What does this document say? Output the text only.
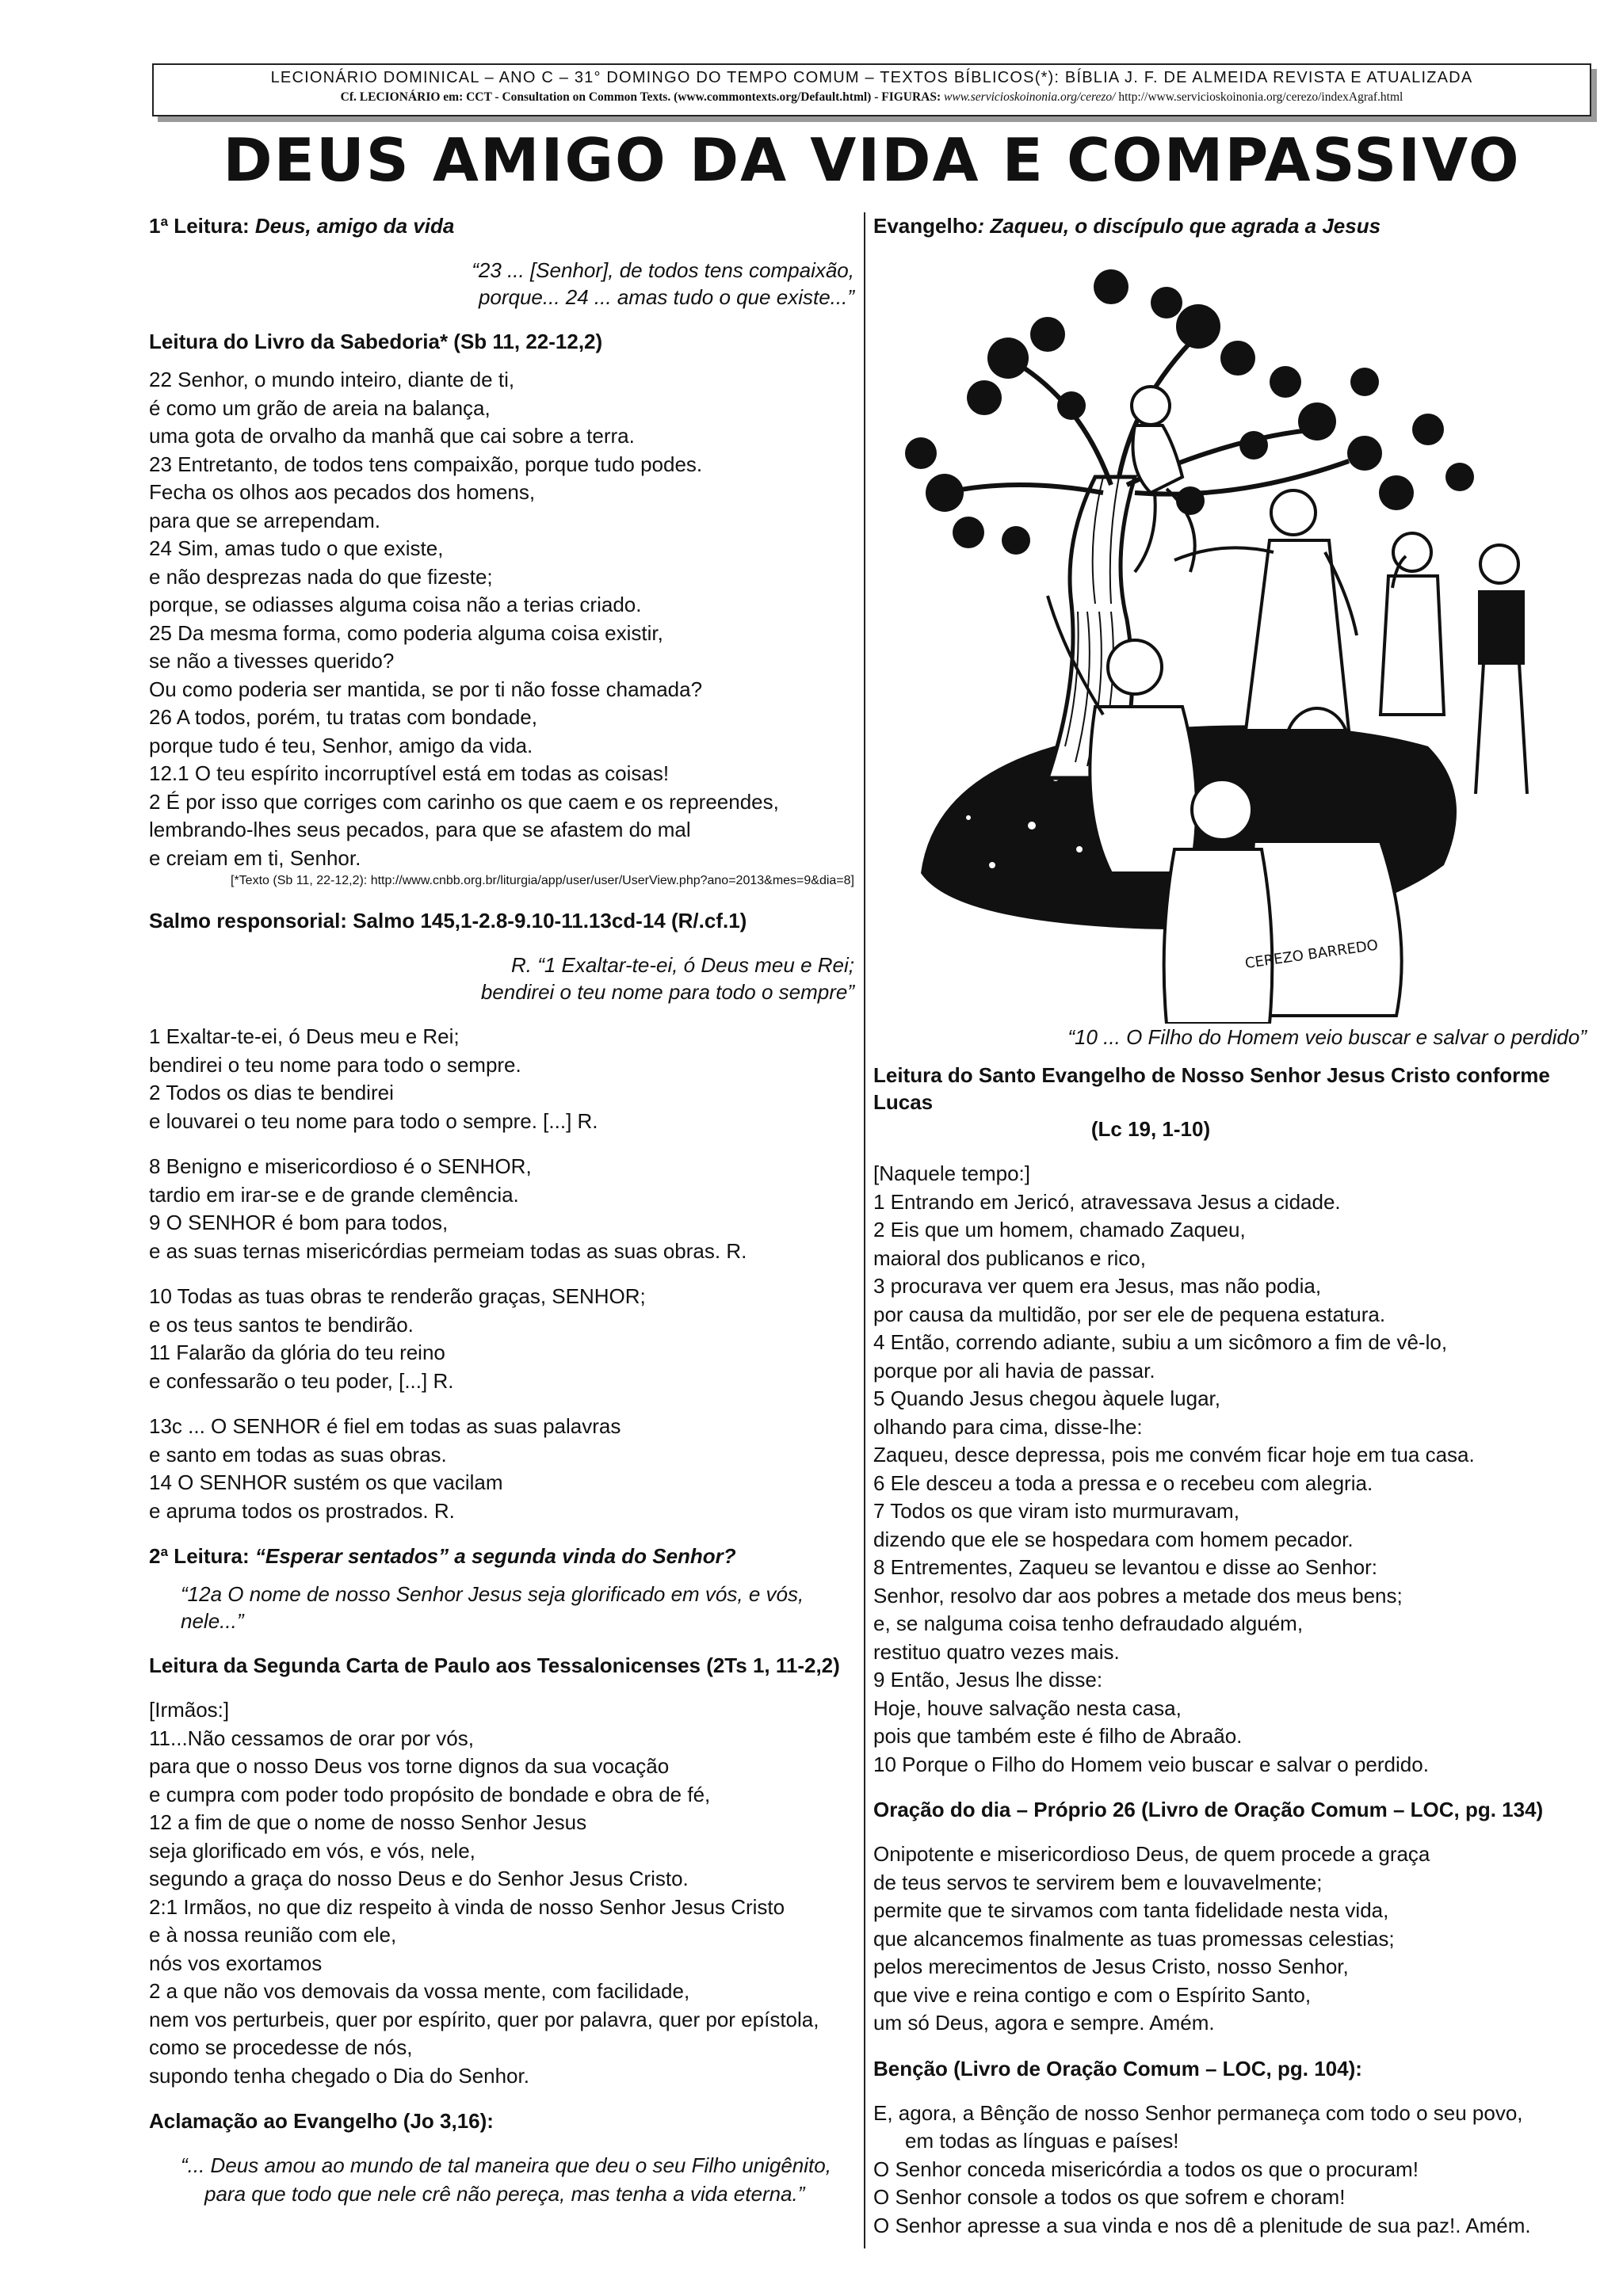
LECIONÁRIO DOMINICAL – ANO C – 31° DOMINGO DO TEMPO COMUM – TEXTOS BÍBLICOS(*): BÍBLIA J. F. DE ALMEIDA REVISTA E ATUALIZADA
Cf. LECIONÁRIO em: CCT - Consultation on Common Texts. (www.commontexts.org/Default.html) - FIGURAS: www.servicioskoinonia.org/cerezo/ http://www.servicioskoinonia.org/cerezo/indexAgraf.html
DEUS AMIGO DA VIDA E COMPASSIVO
1ª Leitura: Deus, amigo da vida
“23 ... [Senhor], de todos tens compaixão,
porque... 24 ... amas tudo o que existe...”
Leitura do Livro da Sabedoria* (Sb 11, 22-12,2)
22 Senhor, o mundo inteiro, diante de ti,
é como um grão de areia na balança,
uma gota de orvalho da manhã que cai sobre a terra.
23 Entretanto, de todos tens compaixão, porque tudo podes.
Fecha os olhos aos pecados dos homens,
para que se arrependam.
24 Sim, amas tudo o que existe,
e não desprezas nada do que fizeste;
porque, se odiasses alguma coisa não a terias criado.
25 Da mesma forma, como poderia alguma coisa existir,
se não a tivesses querido?
Ou como poderia ser mantida, se por ti não fosse chamada?
26 A todos, porém, tu tratas com bondade,
porque tudo é teu, Senhor, amigo da vida.
12.1 O teu espírito incorruptível está em todas as coisas!
2 É por isso que corriges com carinho os que caem e os repreendes,
lembrando-lhes seus pecados, para que se afastem do mal
e creiam em ti, Senhor.
[*Texto (Sb 11, 22-12,2): http://www.cnbb.org.br/liturgia/app/user/user/UserView.php?ano=2013&mes=9&dia=8]
Salmo responsorial: Salmo 145,1-2.8-9.10-11.13cd-14 (R/.cf.1)
R. “1 Exaltar-te-ei, ó Deus meu e Rei;
bendirei o teu nome para todo o sempre”
1 Exaltar-te-ei, ó Deus meu e Rei;
bendirei o teu nome para todo o sempre.
2 Todos os dias te bendirei
e louvarei o teu nome para todo o sempre. [...] R.
8 Benigno e misericordioso é o SENHOR,
tardio em irar-se e de grande clemência.
9 O SENHOR é bom para todos,
e as suas ternas misericórdias permeiam todas as suas obras. R.
10 Todas as tuas obras te renderão graças, SENHOR;
e os teus santos te bendirão.
11 Falarão da glória do teu reino
e confessarão o teu poder, [...] R.
13c ... O SENHOR é fiel em todas as suas palavras
e santo em todas as suas obras.
14 O SENHOR sustém os que vacilam
e apruma todos os prostrados. R.
2ª Leitura: “Esperar sentados” a segunda vinda do Senhor?
“12a O nome de nosso Senhor Jesus seja glorificado em vós, e vós, nele...”
Leitura da Segunda Carta de Paulo aos Tessalonicenses (2Ts 1, 11-2,2)
[Irmãos:]
11...Não cessamos de orar por vós,
para que o nosso Deus vos torne dignos da sua vocação
e cumpra com poder todo propósito de bondade e obra de fé,
12 a fim de que o nome de nosso Senhor Jesus
seja glorificado em vós, e vós, nele,
segundo a graça do nosso Deus e do Senhor Jesus Cristo.
2:1 Irmãos, no que diz respeito à vinda de nosso Senhor Jesus Cristo
e à nossa reunião com ele,
nós vos exortamos
2 a que não vos demovais da vossa mente, com facilidade,
nem vos perturbeis, quer por espírito, quer por palavra, quer por epístola,
como se procedesse de nós,
supondo tenha chegado o Dia do Senhor.
Aclamação ao Evangelho (Jo 3,16):
“... Deus amou ao mundo de tal maneira que deu o seu Filho unigênito,
para que todo que nele crê não pereça, mas tenha a vida eterna.”
Evangelho: Zaqueu, o discípulo que agrada a Jesus
CEREZO BARREDO
“10 ... O Filho do Homem veio buscar e salvar o perdido”
Leitura do Santo Evangelho de Nosso Senhor Jesus Cristo conforme Lucas
(Lc 19, 1-10)
[Naquele tempo:]
1 Entrando em Jericó, atravessava Jesus a cidade.
2 Eis que um homem, chamado Zaqueu,
maioral dos publicanos e rico,
3 procurava ver quem era Jesus, mas não podia,
por causa da multidão, por ser ele de pequena estatura.
4 Então, correndo adiante, subiu a um sicômoro a fim de vê-lo,
porque por ali havia de passar.
5 Quando Jesus chegou àquele lugar,
olhando para cima, disse-lhe:
Zaqueu, desce depressa, pois me convém ficar hoje em tua casa.
6 Ele desceu a toda a pressa e o recebeu com alegria.
7 Todos os que viram isto murmuravam,
dizendo que ele se hospedara com homem pecador.
8 Entrementes, Zaqueu se levantou e disse ao Senhor:
Senhor, resolvo dar aos pobres a metade dos meus bens;
e, se nalguma coisa tenho defraudado alguém,
restituo quatro vezes mais.
9 Então, Jesus lhe disse:
Hoje, houve salvação nesta casa,
pois que também este é filho de Abraão.
10 Porque o Filho do Homem veio buscar e salvar o perdido.
Oração do dia – Próprio 26 (Livro de Oração Comum – LOC, pg. 134)
Onipotente e misericordioso Deus, de quem procede a graça
de teus servos te servirem bem e louvavelmente;
permite que te sirvamos com tanta fidelidade nesta vida,
que alcancemos finalmente as tuas promessas celestias;
pelos merecimentos de Jesus Cristo, nosso Senhor,
que vive e reina contigo e com o Espírito Santo,
um só Deus, agora e sempre. Amém.
Benção (Livro de Oração Comum – LOC, pg. 104):
E, agora, a Bênção de nosso Senhor permaneça com todo o seu povo,
em todas as línguas e países!
O Senhor conceda misericórdia a todos os que o procuram!
O Senhor console a todos os que sofrem e choram!
O Senhor apresse a sua vinda e nos dê a plenitude de sua paz!. Amém.
